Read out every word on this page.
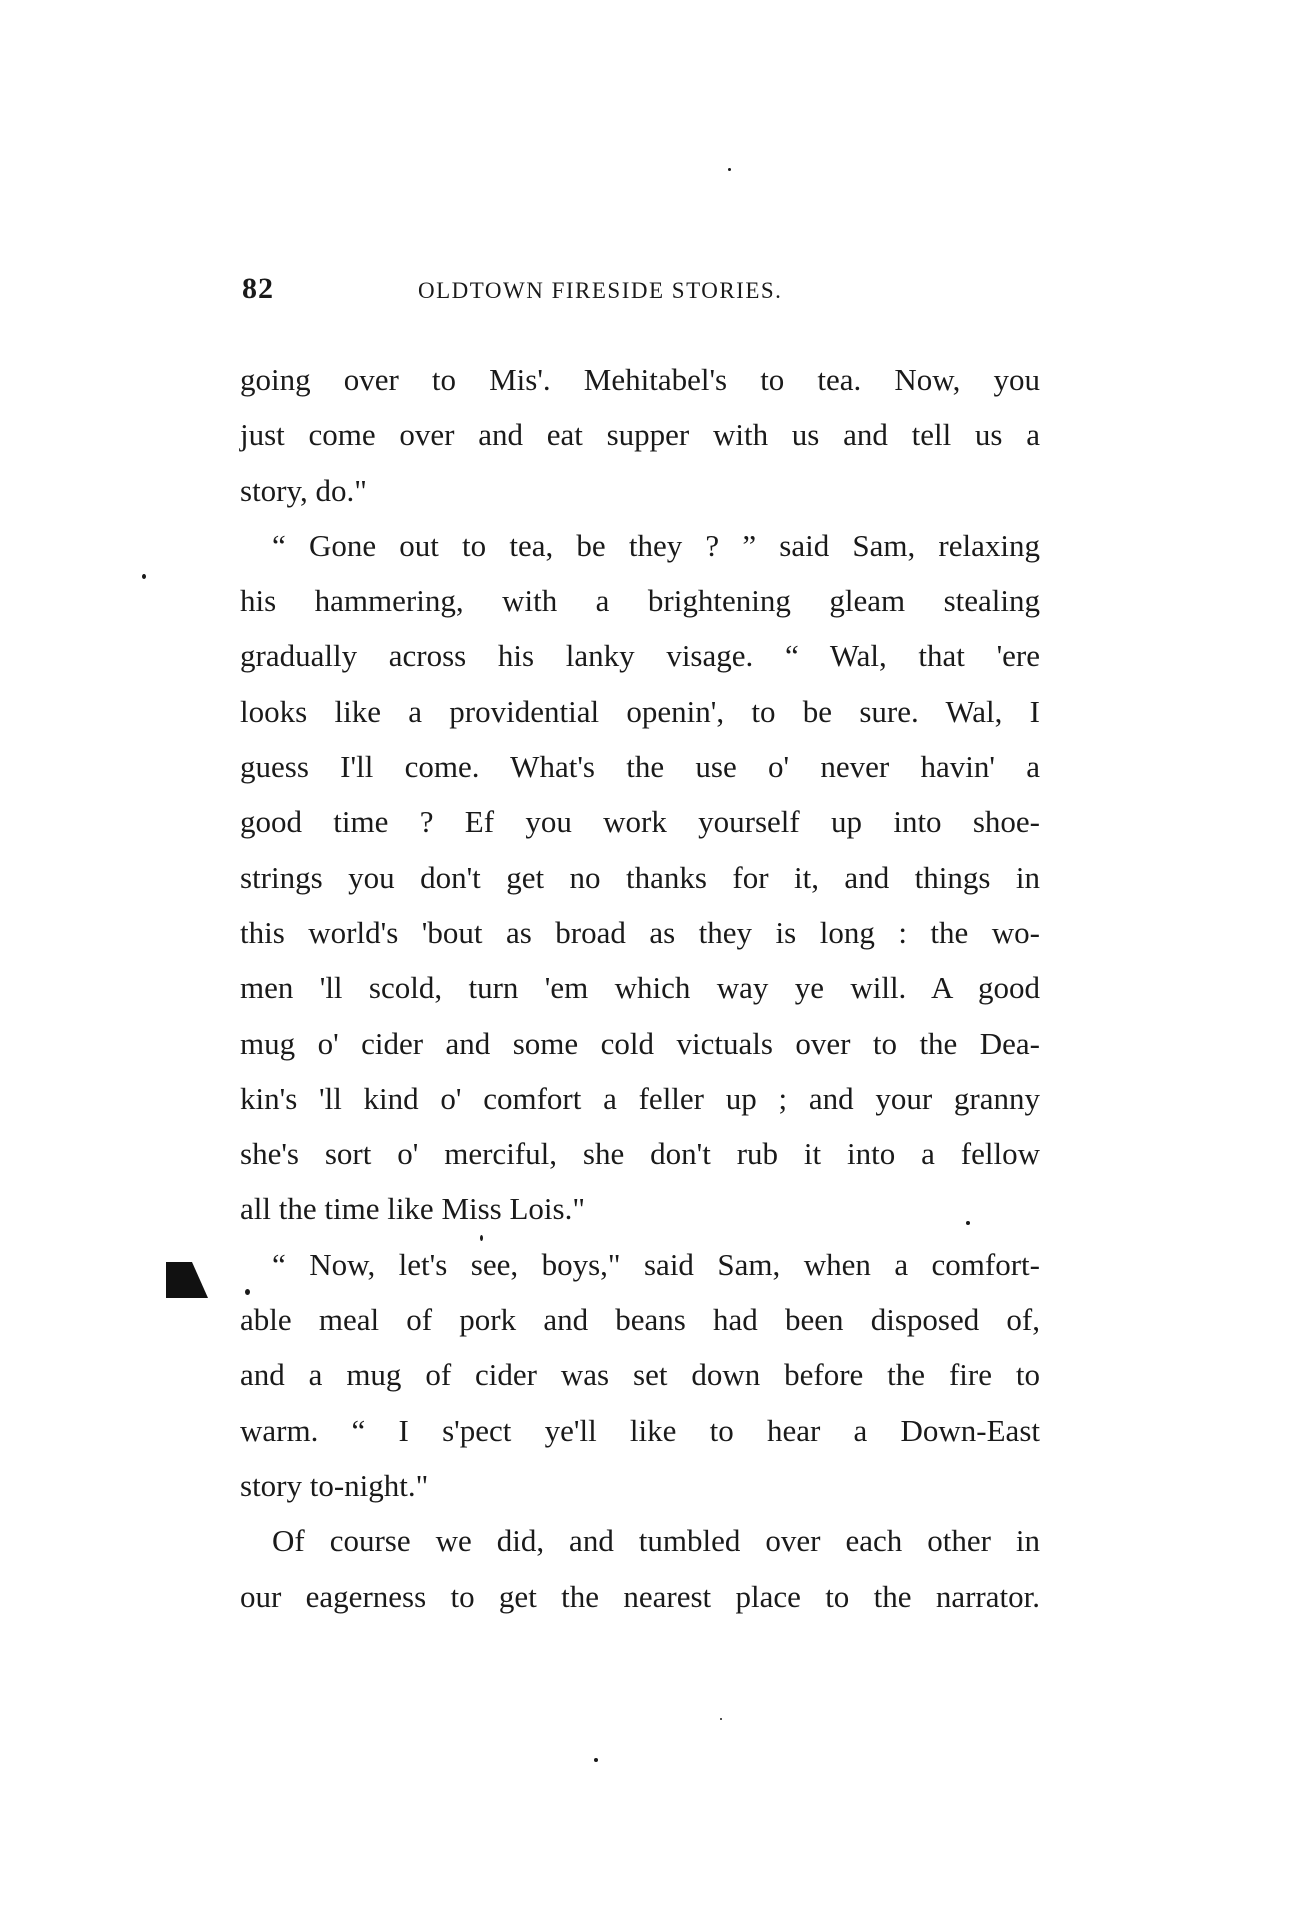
82	OLDTOWN FIRESIDE STORIES.
going over to Mis'. Mehitabel's to tea. Now, you
just come over and eat supper with us and tell us a
story, do."
“ Gone out to tea, be they ? ” said Sam, relaxing
his hammering, with a brightening gleam stealing
gradually across his lanky visage. “ Wal, that 'ere
looks like a providential openin', to be sure. Wal, I
guess I'll come. What's the use o' never havin' a
good time ? Ef you work yourself up into shoe-
strings you don't get no thanks for it, and things in
this world's 'bout as broad as they is long : the wo-
men 'll scold, turn 'em which way ye will. A good
mug o' cider and some cold victuals over to the Dea-
kin's 'll kind o' comfort a feller up ; and your granny
she's sort o' merciful, she don't rub it into a fellow
all the time like Miss Lois."
“ Now, let's see, boys," said Sam, when a comfort-
able meal of pork and beans had been disposed of,
and a mug of cider was set down before the fire to
warm. “ I s'pect ye'll like to hear a Down-East
story to-night."
Of course we did, and tumbled over each other in
our eagerness to get the nearest place to the narrator.
